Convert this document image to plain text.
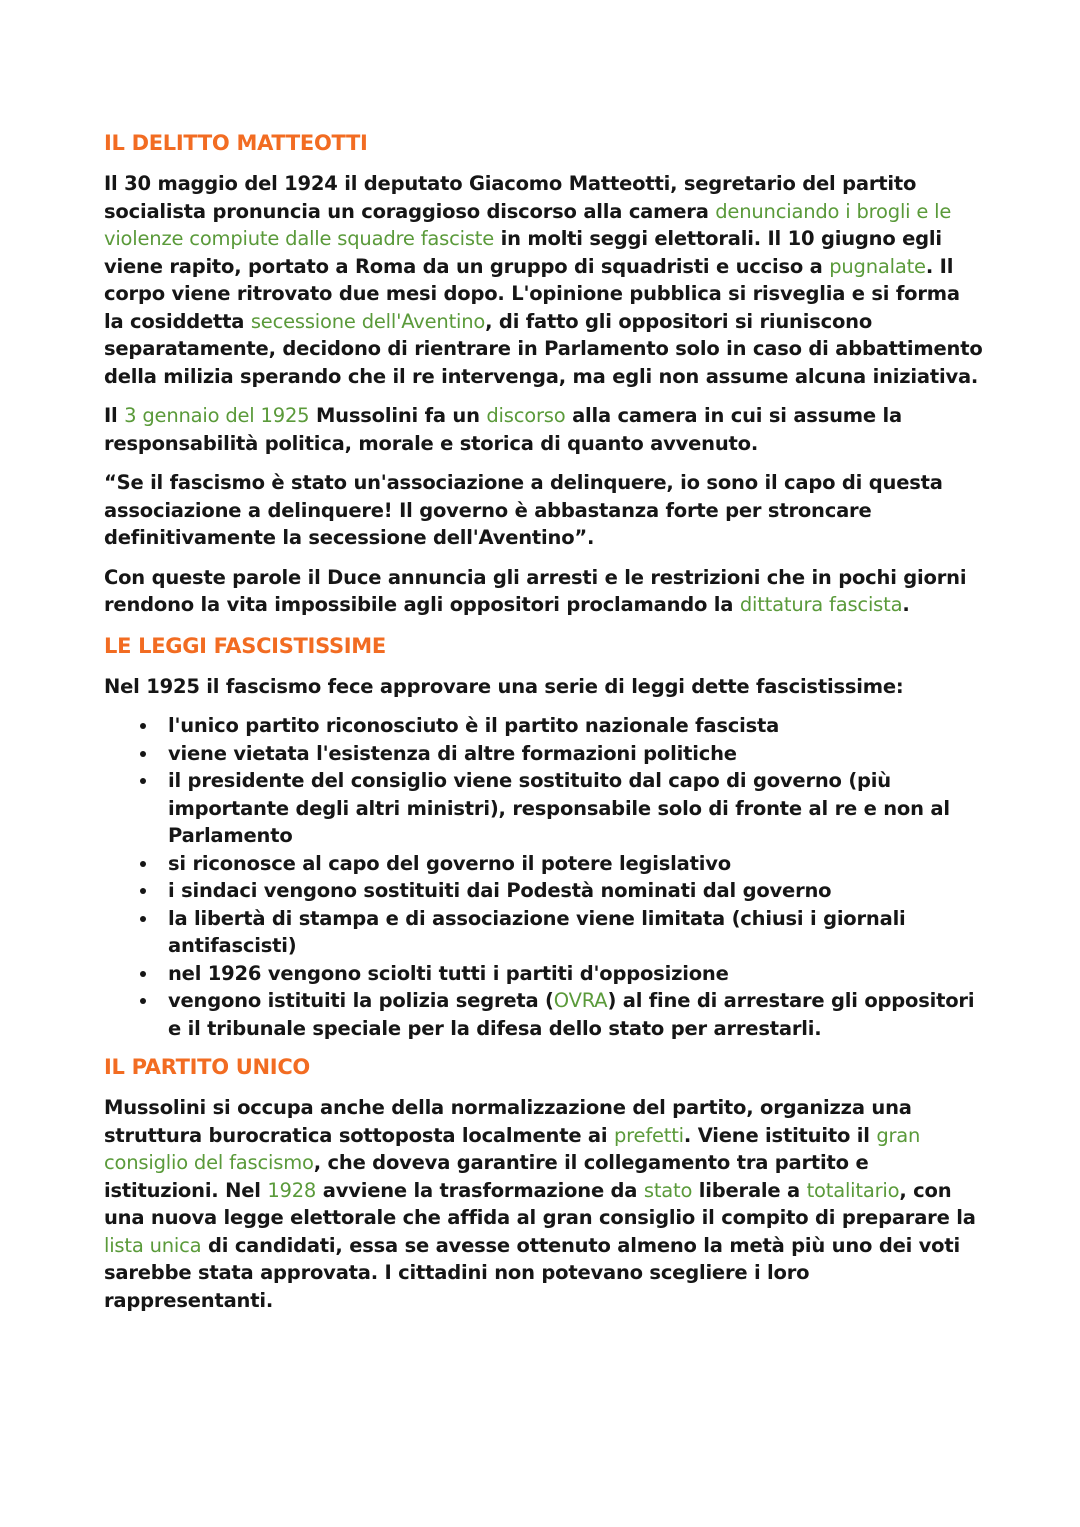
IL DELITTO MATTEOTTI

Il 30 maggio del 1924 il deputato Giacomo Matteotti, segretario del partito socialista pronuncia un coraggioso discorso alla camera denunciando i brogli e le violenze compiute dalle squadre fasciste in molti seggi elettorali. Il 10 giugno egli viene rapito, portato a Roma da un gruppo di squadristi e ucciso a pugnalate. Il corpo viene ritrovato due mesi dopo. L'opinione pubblica si risveglia e si forma la cosiddetta secessione dell'Aventino, di fatto gli oppositori si riuniscono separatamente, decidono di rientrare in Parlamento solo in caso di abbattimento della milizia sperando che il re intervenga, ma egli non assume alcuna iniziativa.

Il 3 gennaio del 1925 Mussolini fa un discorso alla camera in cui si assume la responsabilità politica, morale e storica di quanto avvenuto.

“Se il fascismo è stato un'associazione a delinquere, io sono il capo di questa associazione a delinquere! Il governo è abbastanza forte per stroncare definitivamente la secessione dell'Aventino”.

Con queste parole il Duce annuncia gli arresti e le restrizioni che in pochi giorni rendono la vita impossibile agli oppositori proclamando la dittatura fascista.

LE LEGGI FASCISTISSIME

Nel 1925 il fascismo fece approvare una serie di leggi dette fascistissime:

l'unico partito riconosciuto è il partito nazionale fascista
viene vietata l'esistenza di altre formazioni politiche
il presidente del consiglio viene sostituito dal capo di governo (più importante degli altri ministri), responsabile solo di fronte al re e non al Parlamento
si riconosce al capo del governo il potere legislativo
i sindaci vengono sostituiti dai Podestà nominati dal governo
la libertà di stampa e di associazione viene limitata (chiusi i giornali antifascisti)
nel 1926 vengono sciolti tutti i partiti d'opposizione
vengono istituiti la polizia segreta (OVRA) al fine di arrestare gli oppositori e il tribunale speciale per la difesa dello stato per arrestarli.
IL PARTITO UNICO

Mussolini si occupa anche della normalizzazione del partito, organizza una struttura burocratica sottoposta localmente ai prefetti. Viene istituito il gran consiglio del fascismo, che doveva garantire il collegamento tra partito e istituzioni. Nel 1928 avviene la trasformazione da stato liberale a totalitario, con una nuova legge elettorale che affida al gran consiglio il compito di preparare la lista unica di candidati, essa se avesse ottenuto almeno la metà più uno dei voti sarebbe stata approvata. I cittadini non potevano scegliere i loro rappresentanti.
